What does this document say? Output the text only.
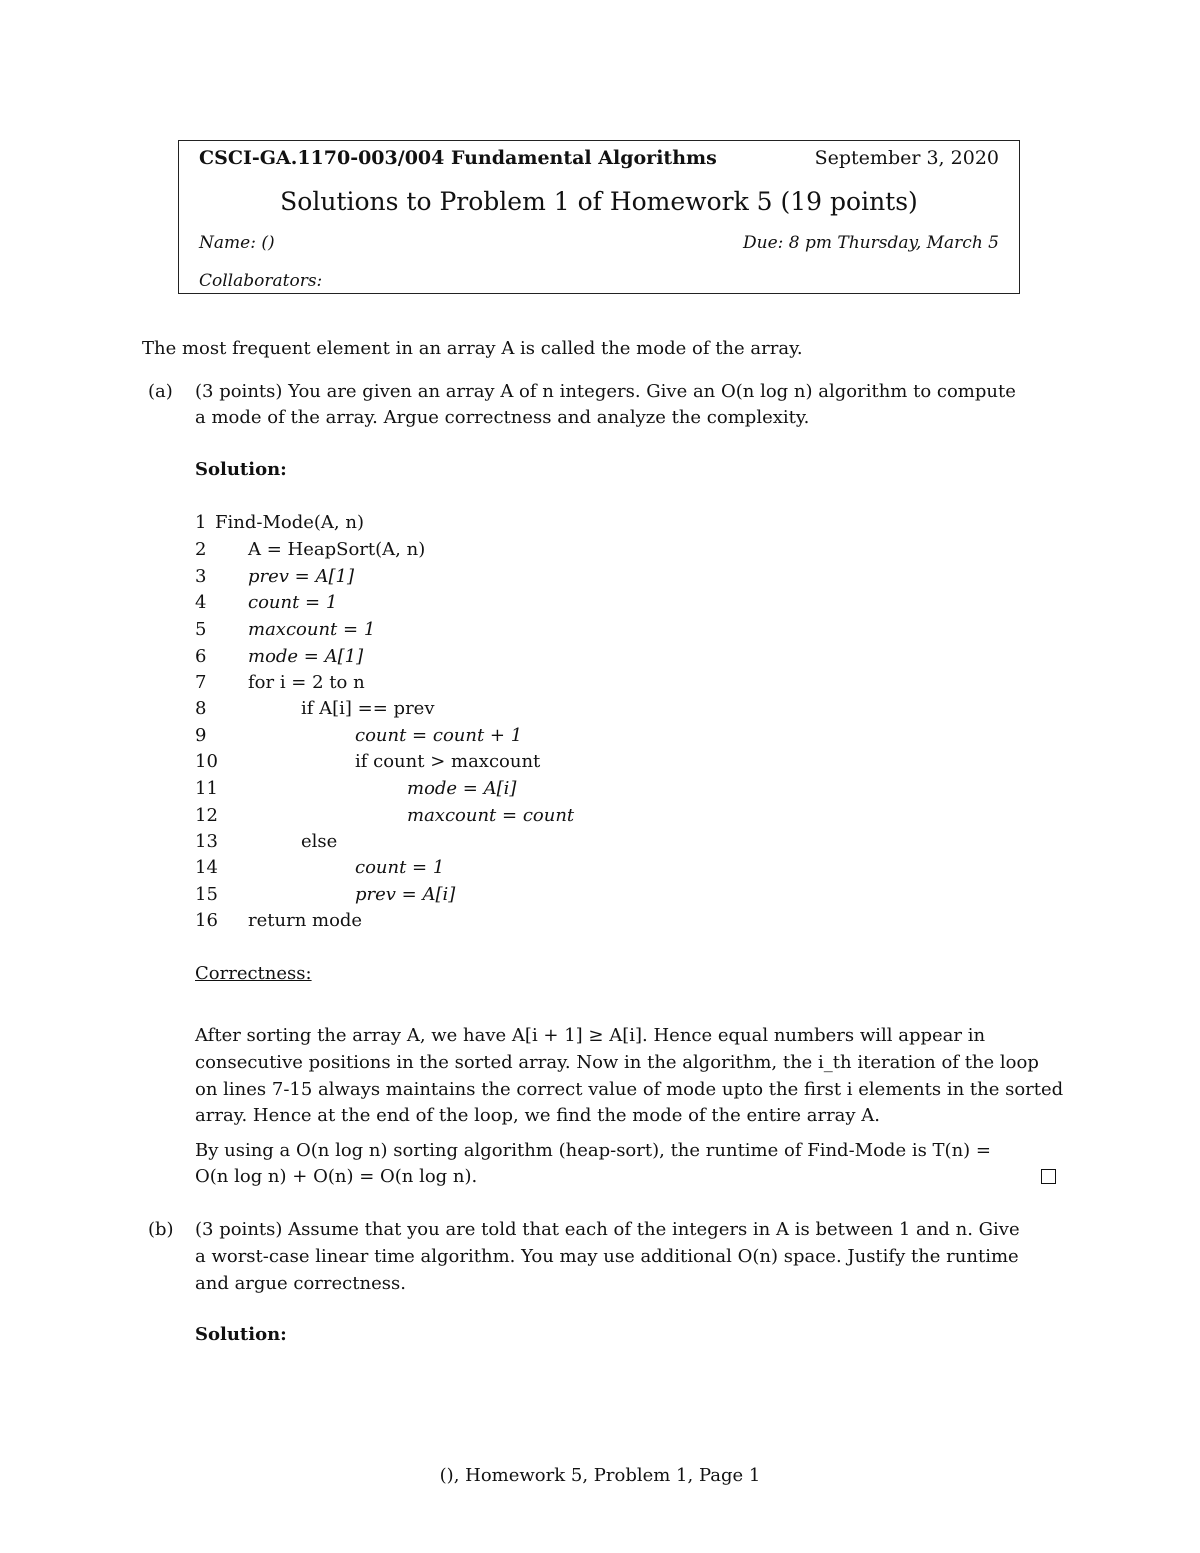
CSCI-GA.1170-003/004 Fundamental Algorithms	September 3, 2020
Solutions to Problem 1 of Homework 5 (19 points)
Name: ()	Due: 8 pm Thursday, March 5
Collaborators:
The most frequent element in an array A is called the mode of the array.
(a) (3 points) You are given an array A of n integers. Give an O(n log n) algorithm to compute
a mode of the array. Argue correctness and analyze the complexity.
Solution:
1 Find-Mode(A, n)
2 A = HeapSort(A, n)
3 prev = A[1]
4 count = 1
5 maxcount = 1
6 mode = A[1]
7 for i = 2 to n
8	if A[i] == prev
9	count = count + 1
10	if count > maxcount
11	mode = A[i]
12	maxcount = count
13	else
14	count = 1
15	prev = A[i]
16 return mode
Correctness:
After sorting the array A, we have A[i + 1] ≥ A[i]. Hence equal numbers will appear in
consecutive positions in the sorted array. Now in the algorithm, the i_th iteration of the loop
on lines 7-15 always maintains the correct value of mode upto the first i elements in the sorted
array. Hence at the end of the loop, we find the mode of the entire array A.
By using a O(n log n) sorting algorithm (heap-sort), the runtime of Find-Mode is T(n) =
O(n log n) + O(n) = O(n log n).
(b) (3 points) Assume that you are told that each of the integers in A is between 1 and n. Give
a worst-case linear time algorithm. You may use additional O(n) space. Justify the runtime
and argue correctness.
Solution:
(), Homework 5, Problem 1, Page 1
